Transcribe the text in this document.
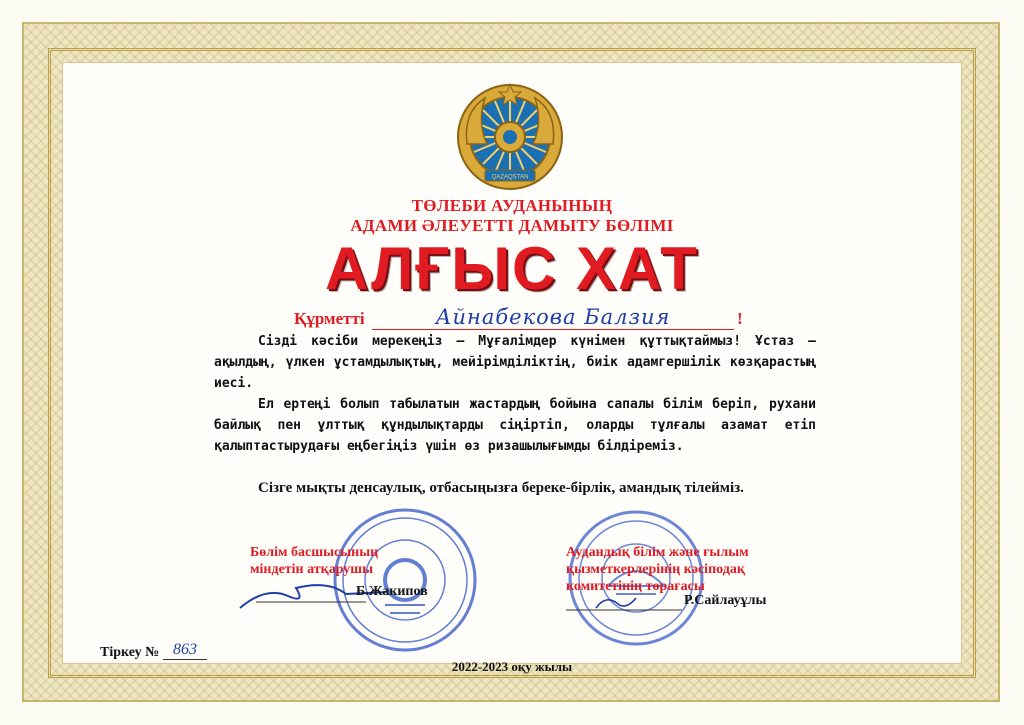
QAZAQSTAN
ТӨЛЕБИ АУДАНЫНЫҢ
АДАМИ ӘЛЕУЕТТІ ДАМЫТУ БӨЛІМІ
АЛҒЫС ХАТ
Құрметті	Айнабекова Балзия	!

Сізді кәсіби мерекеңіз – Мұғалімдер күнімен құттықтаймыз! Ұстаз – ақылдың, үлкен ұстамдылықтың, мейірімділіктің, биік адамгершілік көзқарастың иесі.

Ел ертеңі болып табылатын жастардың бойына сапалы білім беріп, рухани байлық пен ұлттық құндылықтарды сіңіртіп, оларды тұлғалы азамат етіп қалыптастырудағы еңбегіңіз үшін өз ризашылығымды білдіреміз.

Сізге мықты денсаулық, отбасыңызға береке-бірлік, амандық тілейміз.
Бөлім басшысының
міндетін атқарушы
Б.Жакипов
Аудандық білім және ғылым
қызметкерлерінің кәсіподақ
комитетінің төрағасы
Р.Сайлауұлы
Тіркеу № 863
2022-2023 оқу жылы
